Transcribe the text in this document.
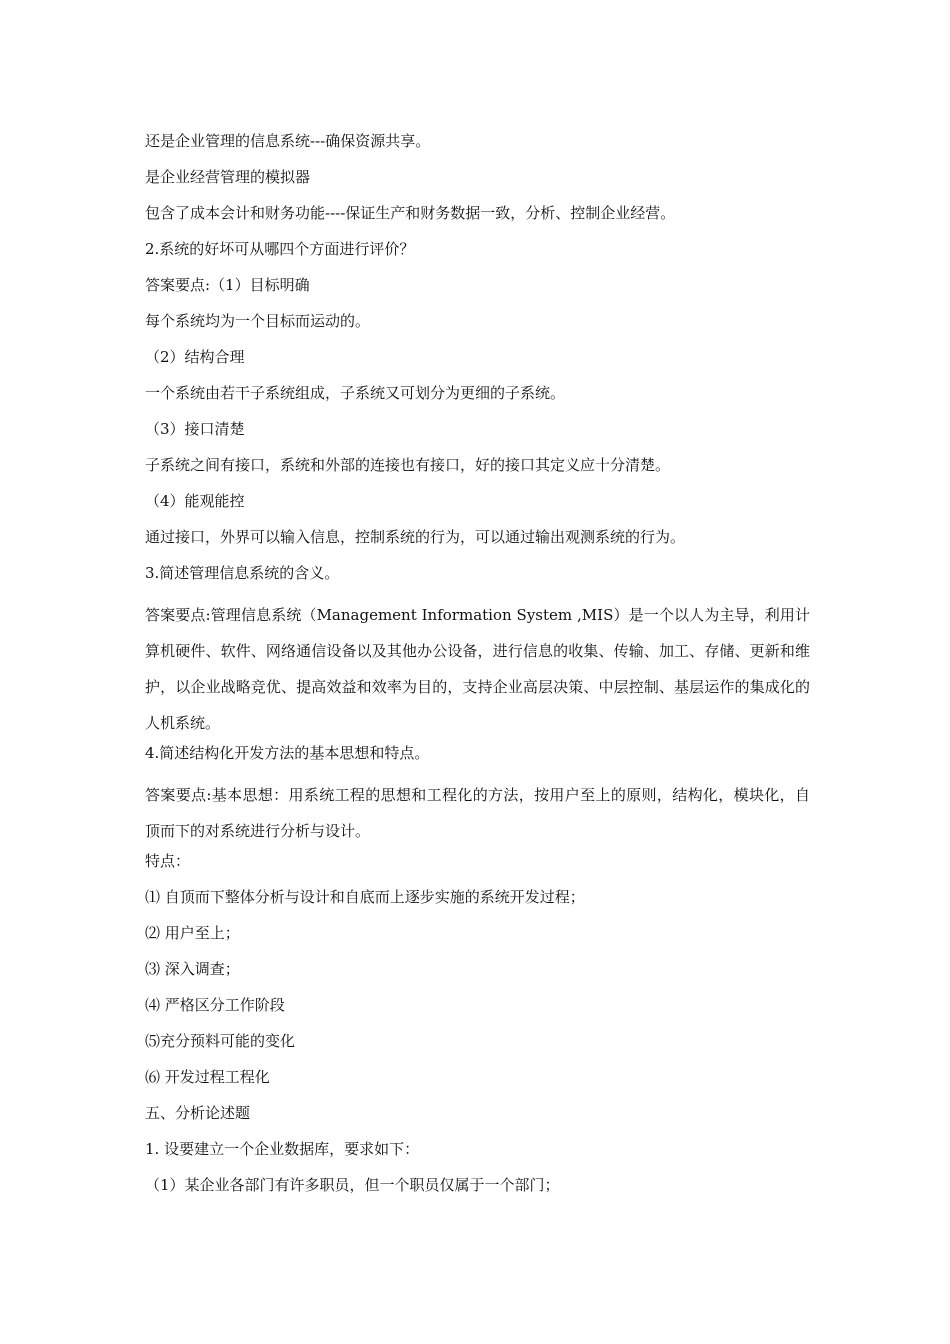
还是企业管理的信息系统---确保资源共享。
是企业经营管理的模拟器
包含了成本会计和财务功能----保证生产和财务数据一致，分析、控制企业经营。
2.系统的好坏可从哪四个方面进行评价？
答案要点:（1）目标明确
每个系统均为一个目标而运动的。
（2）结构合理
一个系统由若干子系统组成，子系统又可划分为更细的子系统。
（3）接口清楚
子系统之间有接口，系统和外部的连接也有接口，好的接口其定义应十分清楚。
（4）能观能控
通过接口，外界可以输入信息，控制系统的行为，可以通过输出观测系统的行为。
3.简述管理信息系统的含义。
答案要点:管理信息系统（Management Information System ,MIS）是一个以人为主导，利用计算机硬件、软件、网络通信设备以及其他办公设备，进行信息的收集、传输、加工、存储、更新和维护，以企业战略竞优、提高效益和效率为目的，支持企业高层决策、中层控制、基层运作的集成化的人机系统。
4.简述结构化开发方法的基本思想和特点。
答案要点:基本思想：用系统工程的思想和工程化的方法，按用户至上的原则，结构化，模块化，自顶而下的对系统进行分析与设计。
特点：
⑴ 自顶而下整体分析与设计和自底而上逐步实施的系统开发过程；
⑵ 用户至上；
⑶ 深入调查；
⑷ 严格区分工作阶段
⑸充分预料可能的变化
⑹ 开发过程工程化
五、分析论述题
1. 设要建立一个企业数据库，要求如下：
（1）某企业各部门有许多职员，但一个职员仅属于一个部门；
